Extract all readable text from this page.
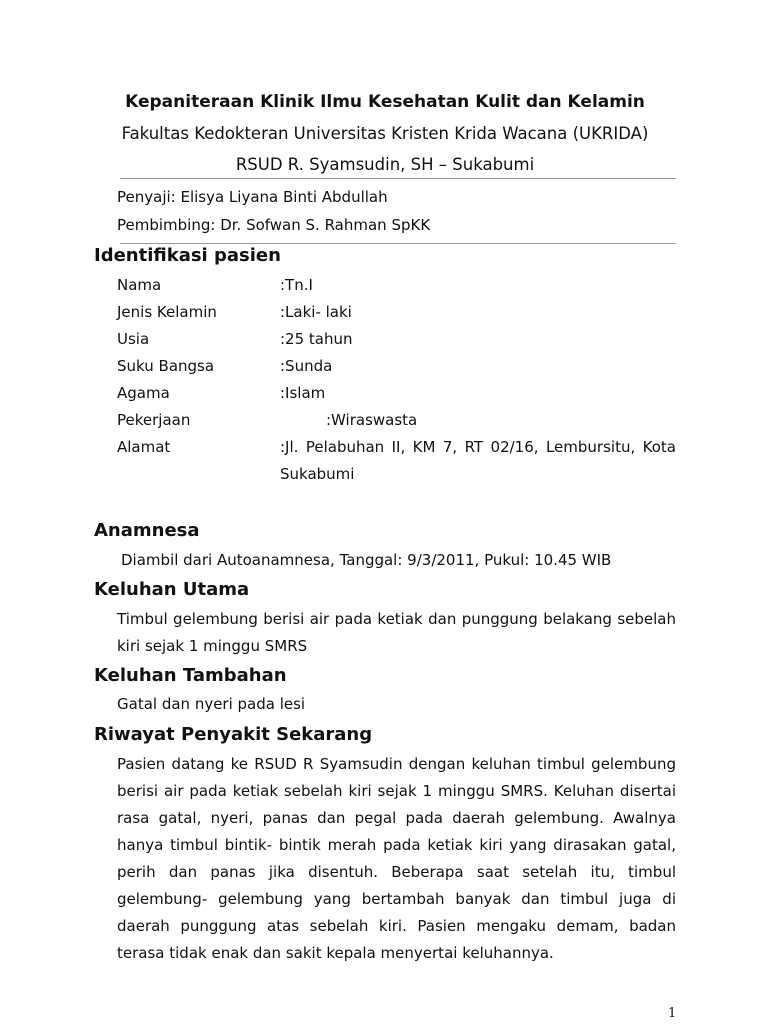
Kepaniteraan Klinik Ilmu Kesehatan Kulit dan Kelamin
Fakultas Kedokteran Universitas Kristen Krida Wacana (UKRIDA)
RSUD R. Syamsudin, SH – Sukabumi
Penyaji: Elisya Liyana Binti Abdullah
Pembimbing: Dr. Sofwan S. Rahman SpKK
Identifikasi pasien
Nama	:Tn.I
Jenis Kelamin	:Laki- laki
Usia	:25 tahun
Suku Bangsa	:Sunda
Agama	:Islam
Pekerjaan	:Wiraswasta
Alamat	:Jl. Pelabuhan II, KM 7, RT 02/16, Lembursitu, Kota
Sukabumi
Anamnesa
Diambil dari Autoanamnesa, Tanggal: 9/3/2011, Pukul: 10.45 WIB
Keluhan Utama
Timbul gelembung berisi air pada ketiak dan punggung belakang sebelah kiri sejak 1 minggu SMRS
Keluhan Tambahan
Gatal dan nyeri pada lesi
Riwayat Penyakit Sekarang
Pasien datang ke RSUD R Syamsudin dengan keluhan timbul gelembung berisi air pada ketiak sebelah kiri sejak 1 minggu SMRS. Keluhan disertai rasa gatal, nyeri, panas dan pegal pada daerah gelembung. Awalnya hanya timbul bintik- bintik merah pada ketiak kiri yang dirasakan gatal, perih dan panas jika disentuh. Beberapa saat setelah itu, timbul gelembung- gelembung yang bertambah banyak dan timbul juga di daerah punggung atas sebelah kiri. Pasien mengaku demam, badan terasa tidak enak dan sakit kepala menyertai keluhannya.
1
